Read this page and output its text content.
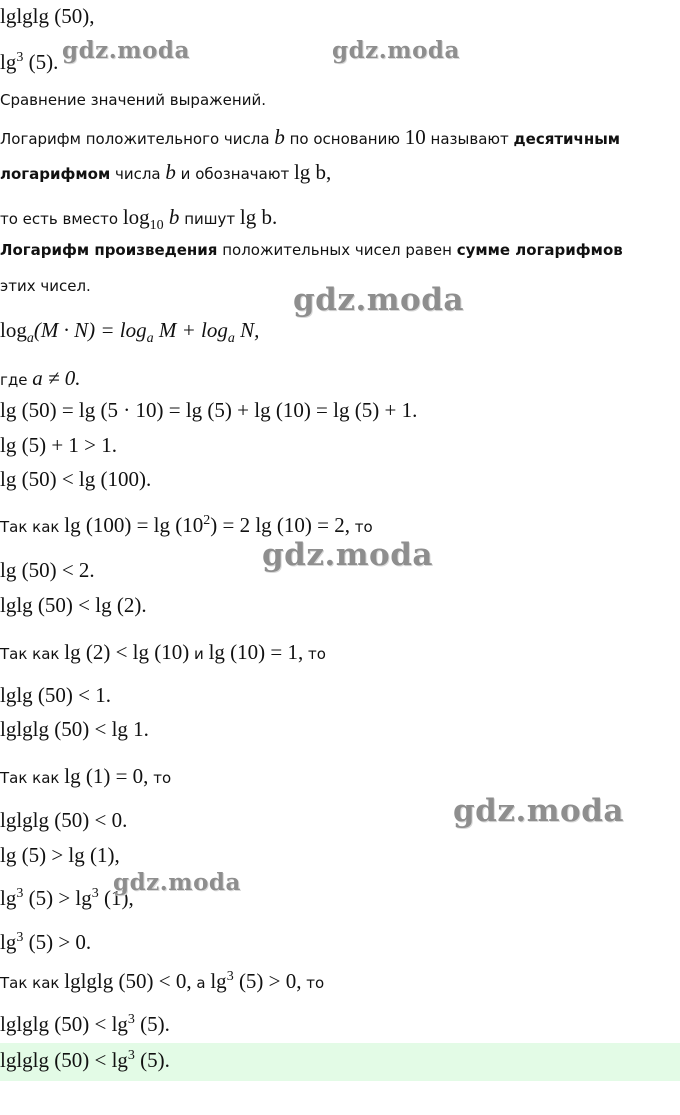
lglglg (50),
$\lg^3 (5)$.
Сравнение значений выражений.
Логарифм положительного числа b по основанию 10 называют десятичным
логарифмом числа b и обозначают lg b,
то есть вместо $\log_{10} b$ пишут lg b.
Логарифм произведения положительных чисел равен сумме логарифмов
этих чисел.
$\log_a(M \cdot N) = \log_a M + \log_a N$,
где a ≠ 0.
lg (50) = lg (5 · 10) = lg (5) + lg (10) = lg (5) + 1.
lg (5) + 1 > 1.
lg (50) < lg (100).
Так как $\lg (100) = \lg (10^2) = 2$ lg (10) = 2, то
lg (50) < 2.
lglg (50) < lg (2).
Так как lg (2) < lg (10) и lg (10) = 1, то
lglg (50) < 1.
lglglg (50) < lg 1.
Так как lg (1) = 0, то
lglglg (50) < 0.
lg (5) > lg (1),
$\lg^3 (5) > \lg^3 (1)$,
$\lg^3 (5) > 0$.
Так как lglglg (50) < 0, а $\lg^3 (5) > 0$, то
lglglg $(50) < \lg^3 (5)$.
lglglg $(50) < \lg^3 (5)$.
gdz.moda	gdz.moda
gdz.moda
gdz.moda
gdz.moda
gdz.moda
